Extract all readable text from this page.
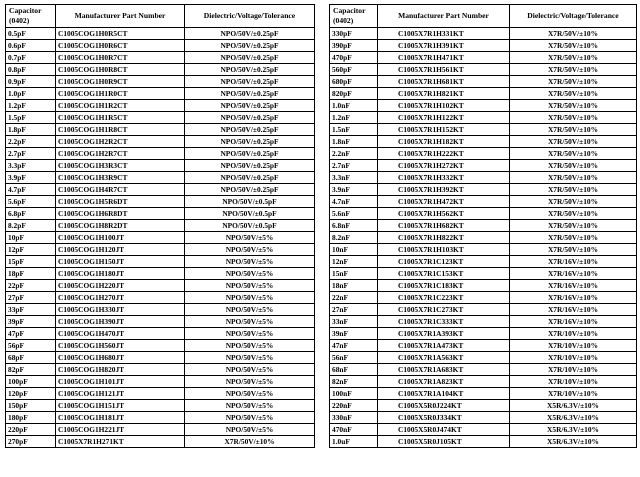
Capacitor
(0402)	Manufacturer Part Number	Dielectric/Voltage/Tolerance
0.5pF	C1005COG1H0R5CT	NPO/50V/±0.25pF
0.6pF	C1005COG1H0R6CT	NPO/50V/±0.25pF
0.7pF	C1005COG1H0R7CT	NPO/50V/±0.25pF
0.8pF	C1005COG1H0R8CT	NPO/50V/±0.25pF
0.9pF	C1005COG1H0R9CT	NPO/50V/±0.25pF
1.0pF	C1005COG1H1R0CT	NPO/50V/±0.25pF
1.2pF	C1005COG1H1R2CT	NPO/50V/±0.25pF
1.5pF	C1005COG1H1R5CT	NPO/50V/±0.25pF
1.8pF	C1005COG1H1R8CT	NPO/50V/±0.25pF
2.2pF	C1005COG1H2R2CT	NPO/50V/±0.25pF
2.7pF	C1005COG1H2R7CT	NPO/50V/±0.25pF
3.3pF	C1005COG1H3R3CT	NPO/50V/±0.25pF
3.9pF	C1005COG1H3R9CT	NPO/50V/±0.25pF
4.7pF	C1005COG1H4R7CT	NPO/50V/±0.25pF
5.6pF	C1005COG1H5R6DT	NPO/50V/±0.5pF
6.8pF	C1005COG1H6R8DT	NPO/50V/±0.5pF
8.2pF	C1005COG1H8R2DT	NPO/50V/±0.5pF
10pF	C1005COG1H100JT	NPO/50V/±5%
12pF	C1005COG1H120JT	NPO/50V/±5%
15pF	C1005COG1H150JT	NPO/50V/±5%
18pF	C1005COG1H180JT	NPO/50V/±5%
22pF	C1005COG1H220JT	NPO/50V/±5%
27pF	C1005COG1H270JT	NPO/50V/±5%
33pF	C1005COG1H330JT	NPO/50V/±5%
39pF	C1005COG1H390JT	NPO/50V/±5%
47pF	C1005COG1H470JT	NPO/50V/±5%
56pF	C1005COG1H560JT	NPO/50V/±5%
68pF	C1005COG1H680JT	NPO/50V/±5%
82pF	C1005COG1H820JT	NPO/50V/±5%
100pF	C1005COG1H101JT	NPO/50V/±5%
120pF	C1005COG1H121JT	NPO/50V/±5%
150pF	C1005COG1H151JT	NPO/50V/±5%
180pF	C1005COG1H181JT	NPO/50V/±5%
220pF	C1005COG1H221JT	NPO/50V/±5%
270pF	C1005X7R1H271KT	X7R/50V/±10%
Capacitor
(0402)	Manufacturer Part Number	Dielectric/Voltage/Tolerance
330pF	C1005X7R1H331KT	X7R/50V/±10%
390pF	C1005X7R1H391KT	X7R/50V/±10%
470pF	C1005X7R1H471KT	X7R/50V/±10%
560pF	C1005X7R1H561KT	X7R/50V/±10%
680pF	C1005X7R1H681KT	X7R/50V/±10%
820pF	C1005X7R1H821KT	X7R/50V/±10%
1.0nF	C1005X7R1H102KT	X7R/50V/±10%
1.2nF	C1005X7R1H122KT	X7R/50V/±10%
1.5nF	C1005X7R1H152KT	X7R/50V/±10%
1.8nF	C1005X7R1H182KT	X7R/50V/±10%
2.2nF	C1005X7R1H222KT	X7R/50V/±10%
2.7nF	C1005X7R1H272KT	X7R/50V/±10%
3.3nF	C1005X7R1H332KT	X7R/50V/±10%
3.9nF	C1005X7R1H392KT	X7R/50V/±10%
4.7nF	C1005X7R1H472KT	X7R/50V/±10%
5.6nF	C1005X7R1H562KT	X7R/50V/±10%
6.8nF	C1005X7R1H682KT	X7R/50V/±10%
8.2nF	C1005X7R1H822KT	X7R/50V/±10%
10nF	C1005X7R1H103KT	X7R/50V/±10%
12nF	C1005X7R1C123KT	X7R/16V/±10%
15nF	C1005X7R1C153KT	X7R/16V/±10%
18nF	C1005X7R1C183KT	X7R/16V/±10%
22nF	C1005X7R1C223KT	X7R/16V/±10%
27nF	C1005X7R1C273KT	X7R/16V/±10%
33nF	C1005X7R1C333KT	X7R/16V/±10%
39nF	C1005X7R1A393KT	X7R/10V/±10%
47nF	C1005X7R1A473KT	X7R/10V/±10%
56nF	C1005X7R1A563KT	X7R/10V/±10%
68nF	C1005X7R1A683KT	X7R/10V/±10%
82nF	C1005X7R1A823KT	X7R/10V/±10%
100nF	C1005X7R1A104KT	X7R/10V/±10%
220nF	C1005X5R0J224KT	X5R/6.3V/±10%
330nF	C1005X5R0J334KT	X5R/6.3V/±10%
470nF	C1005X5R0J474KT	X5R/6.3V/±10%
1.0uF	C1005X5R0J105KT	X5R/6.3V/±10%
